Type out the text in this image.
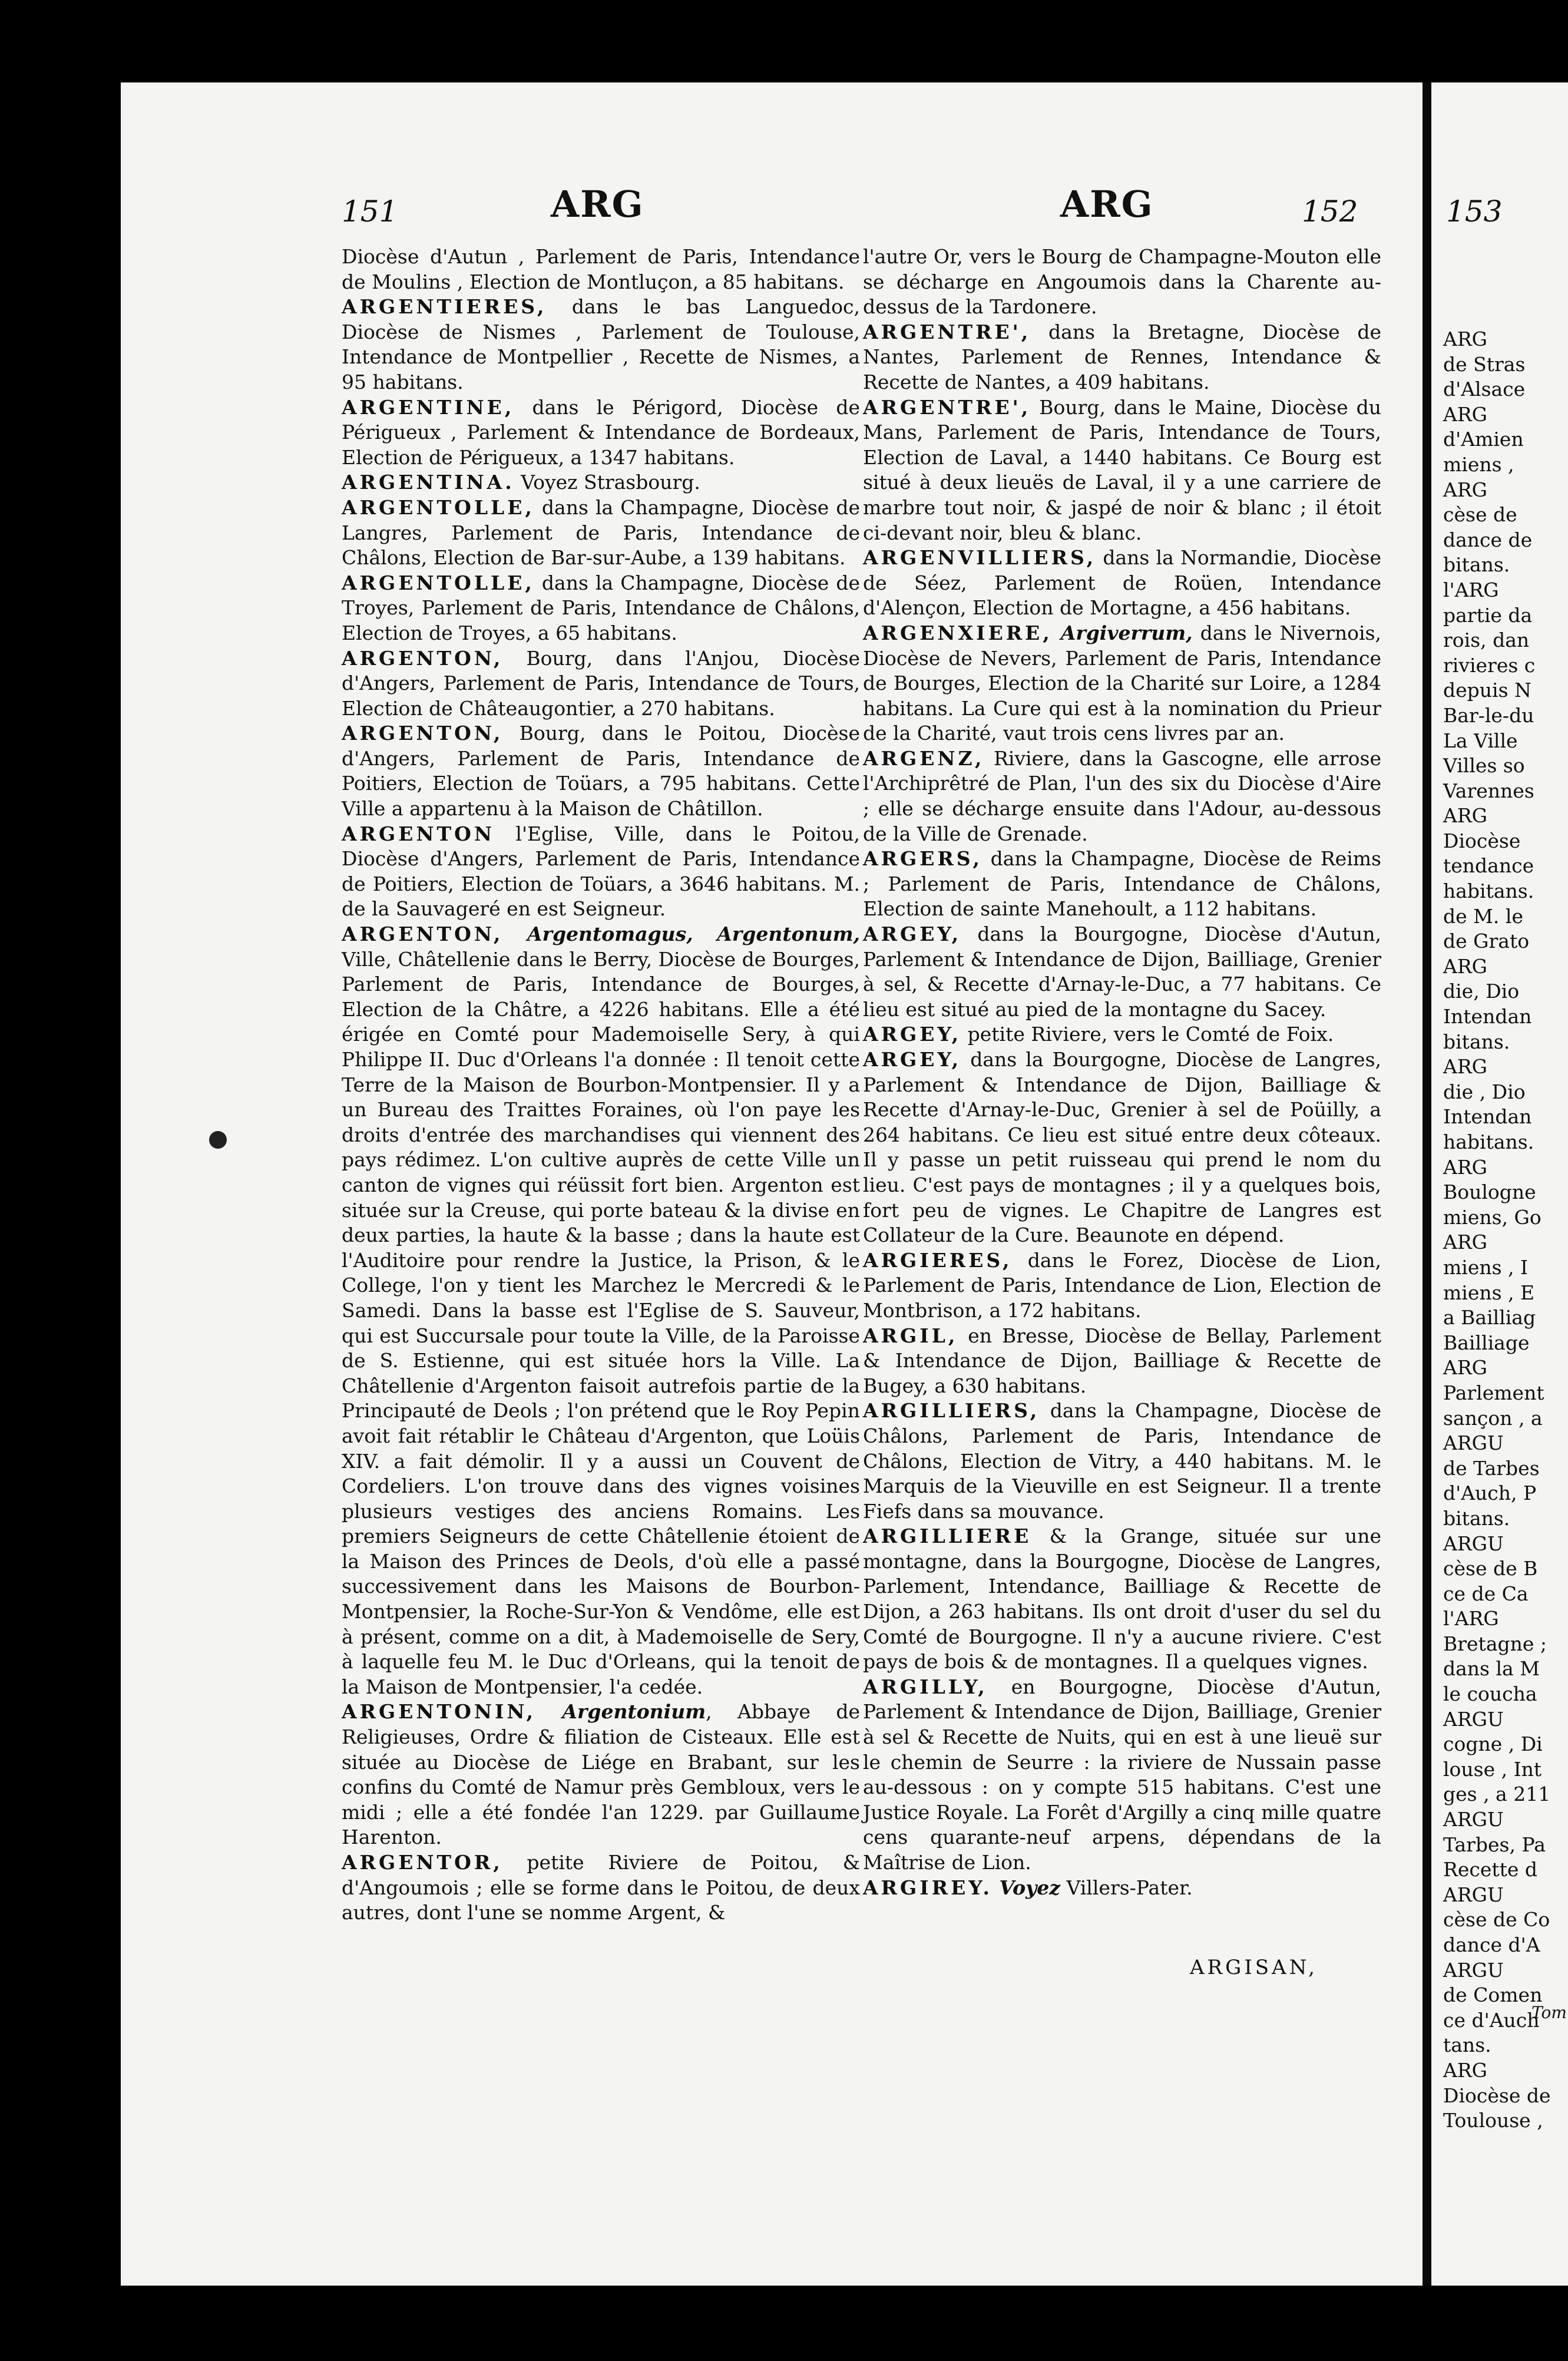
ARG
de Stras
d'Alsace
ARG
d'Amien
miens ,
ARG
cèse de
dance de
bitans.
l'ARG
partie da
rois, dan
rivieres c
depuis N
Bar-le-du
La Ville
Villes so
Varennes
ARG
Diocèse
tendance
habitans.
de M. le
de Grato
ARG
die, Dio
Intendan
bitans.
ARG
die , Dio
Intendan
habitans.
ARG
Boulogne
miens, Go
ARG
miens , I
miens , E
a Bailliag
Bailliage
ARG
Parlement
sançon , a
ARGU
de Tarbes
d'Auch, P
bitans.
ARGU
cèse de B
ce de Ca
l'ARG
Bretagne ;
dans la M
le coucha
ARGU
cogne , Di
louse , Int
ges , a 211
ARGU
Tarbes, Pa
Recette d
ARGU
cèse de Co
dance d'A
ARGU
de Comen
ce d'Auch
tans.
ARG
Diocèse de
Toulouse ,
151	ARG	ARG	152	153

Diocèse d'Autun , Parlement de Paris, Intendance de Moulins , Election de Montluçon, a 85 habitans.

ARGENTIERES, dans le bas Languedoc, Diocèse de Nismes , Parlement de Toulouse, Intendance de Montpellier , Recette de Nismes, a 95 habitans.

ARGENTINE, dans le Périgord, Diocèse de Périgueux , Parlement & Intendance de Bordeaux, Election de Périgueux, a 1347 habitans.

ARGENTINA. Voyez Strasbourg.

ARGENTOLLE, dans la Champagne, Diocèse de Langres, Parlement de Paris, Intendance de Châlons, Election de Bar-sur-Aube, a 139 habitans.

ARGENTOLLE, dans la Champagne, Diocèse de Troyes, Parlement de Paris, Intendance de Châlons, Election de Troyes, a 65 habitans.

ARGENTON, Bourg, dans l'Anjou, Diocèse d'Angers, Parlement de Paris, Intendance de Tours, Election de Châteaugontier, a 270 habitans.

ARGENTON, Bourg, dans le Poitou, Diocèse d'Angers, Parlement de Paris, Intendance de Poitiers, Election de Toüars, a 795 habitans. Cette Ville a appartenu à la Maison de Châtillon.

ARGENTON l'Eglise, Ville, dans le Poitou, Diocèse d'Angers, Parlement de Paris, Intendance de Poitiers, Election de Toüars, a 3646 habitans. M. de la Sauvageré en est Seigneur.

ARGENTON, Argentomagus, Argentonum, Ville, Châtellenie dans le Berry, Diocèse de Bourges, Parlement de Paris, Intendance de Bourges, Election de la Châtre, a 4226 habitans. Elle a été érigée en Comté pour Mademoiselle Sery, à qui Philippe II. Duc d'Orleans l'a donnée : Il tenoit cette Terre de la Maison de Bourbon-Montpensier. Il y a un Bureau des Traittes Foraines, où l'on paye les droits d'entrée des marchandises qui viennent des pays rédimez. L'on cultive auprès de cette Ville un canton de vignes qui réüssit fort bien. Argenton est située sur la Creuse, qui porte bateau & la divise en deux parties, la haute & la basse ; dans la haute est l'Auditoire pour rendre la Justice, la Prison, & le College, l'on y tient les Marchez le Mercredi & le Samedi. Dans la basse est l'Eglise de S. Sauveur, qui est Succursale pour toute la Ville, de la Paroisse de S. Estienne, qui est située hors la Ville. La Châtellenie d'Argenton faisoit autrefois partie de la Principauté de Deols ; l'on prétend que le Roy Pepin avoit fait rétablir le Château d'Argenton, que Loüis XIV. a fait démolir. Il y a aussi un Couvent de Cordeliers. L'on trouve dans des vignes voisines plusieurs vestiges des anciens Romains. Les premiers Seigneurs de cette Châtellenie étoient de la Maison des Princes de Deols, d'où elle a passé successivement dans les Maisons de Bourbon-Montpensier, la Roche-Sur-Yon & Vendôme, elle est à présent, comme on a dit, à Mademoiselle de Sery, à laquelle feu M. le Duc d'Orleans, qui la tenoit de la Maison de Montpensier, l'a cedée.

ARGENTONIN, Argentonium, Abbaye de Religieuses, Ordre & filiation de Cisteaux. Elle est située au Diocèse de Liége en Brabant, sur les confins du Comté de Namur près Gembloux, vers le midi ; elle a été fondée l'an 1229. par Guillaume Harenton.

ARGENTOR, petite Riviere de Poitou, & d'Angoumois ; elle se forme dans le Poitou, de deux autres, dont l'une se nomme Argent, &

l'autre Or, vers le Bourg de Champagne-Mouton elle se décharge en Angoumois dans la Charente au-dessus de la Tardonere.

ARGENTRE', dans la Bretagne, Diocèse de Nantes, Parlement de Rennes, Intendance & Recette de Nantes, a 409 habitans.

ARGENTRE', Bourg, dans le Maine, Diocèse du Mans, Parlement de Paris, Intendance de Tours, Election de Laval, a 1440 habitans. Ce Bourg est situé à deux lieuës de Laval, il y a une carriere de marbre tout noir, & jaspé de noir & blanc ; il étoit ci-devant noir, bleu & blanc.

ARGENVILLIERS, dans la Normandie, Diocèse de Séez, Parlement de Roüen, Intendance d'Alençon, Election de Mortagne, a 456 habitans.

ARGENXIERE, Argiverrum, dans le Nivernois, Diocèse de Nevers, Parlement de Paris, Intendance de Bourges, Election de la Charité sur Loire, a 1284 habitans. La Cure qui est à la nomination du Prieur de la Charité, vaut trois cens livres par an.

ARGENZ, Riviere, dans la Gascogne, elle arrose l'Archiprêtré de Plan, l'un des six du Diocèse d'Aire ; elle se décharge ensuite dans l'Adour, au-dessous de la Ville de Grenade.

ARGERS, dans la Champagne, Diocèse de Reims ; Parlement de Paris, Intendance de Châlons, Election de sainte Manehoult, a 112 habitans.

ARGEY, dans la Bourgogne, Diocèse d'Autun, Parlement & Intendance de Dijon, Bailliage, Grenier à sel, & Recette d'Arnay-le-Duc, a 77 habitans. Ce lieu est situé au pied de la montagne du Sacey.

ARGEY, petite Riviere, vers le Comté de Foix.

ARGEY, dans la Bourgogne, Diocèse de Langres, Parlement & Intendance de Dijon, Bailliage & Recette d'Arnay-le-Duc, Grenier à sel de Poüilly, a 264 habitans. Ce lieu est situé entre deux côteaux. Il y passe un petit ruisseau qui prend le nom du lieu. C'est pays de montagnes ; il y a quelques bois, fort peu de vignes. Le Chapitre de Langres est Collateur de la Cure. Beaunote en dépend.

ARGIERES, dans le Forez, Diocèse de Lion, Parlement de Paris, Intendance de Lion, Election de Montbrison, a 172 habitans.

ARGIL, en Bresse, Diocèse de Bellay, Parlement & Intendance de Dijon, Bailliage & Recette de Bugey, a 630 habitans.

ARGILLIERS, dans la Champagne, Diocèse de Châlons, Parlement de Paris, Intendance de Châlons, Election de Vitry, a 440 habitans. M. le Marquis de la Vieuville en est Seigneur. Il a trente Fiefs dans sa mouvance.

ARGILLIERE & la Grange, située sur une montagne, dans la Bourgogne, Diocèse de Langres, Parlement, Intendance, Bailliage & Recette de Dijon, a 263 habitans. Ils ont droit d'user du sel du Comté de Bourgogne. Il n'y a aucune riviere. C'est pays de bois & de montagnes. Il a quelques vignes.

ARGILLY, en Bourgogne, Diocèse d'Autun, Parlement & Intendance de Dijon, Bailliage, Grenier à sel & Recette de Nuits, qui en est à une lieuë sur le chemin de Seurre : la riviere de Nussain passe au-dessous : on y compte 515 habitans. C'est une Justice Royale. La Forêt d'Argilly a cinq mille quatre cens quarante-neuf arpens, dépendans de la Maîtrise de Lion.

ARGIREY. Voyez Villers-Pater.

ARGISAN,
Tom
